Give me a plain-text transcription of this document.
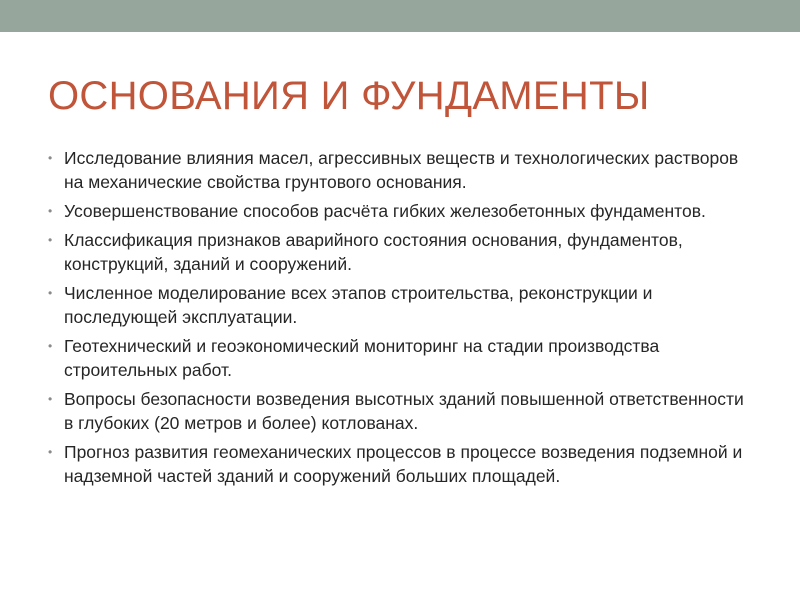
ОСНОВАНИЯ И ФУНДАМЕНТЫ
• Исследование влияния масел, агрессивных веществ и технологических растворов на механические свойства грунтового основания.
• Усовершенствование способов расчёта гибких железобетонных фундаментов.
• Классификация признаков аварийного состояния основания, фундаментов, конструкций, зданий и сооружений.
• Численное моделирование всех этапов строительства, реконструкции и последующей эксплуатации.
• Геотехнический и геоэкономический мониторинг на стадии производства строительных работ.
• Вопросы безопасности возведения высотных зданий повышенной ответственности в глубоких (20 метров и более) котлованах.
• Прогноз развития геомеханических процессов в процессе возведения подземной и надземной частей зданий и сооружений больших площадей.
